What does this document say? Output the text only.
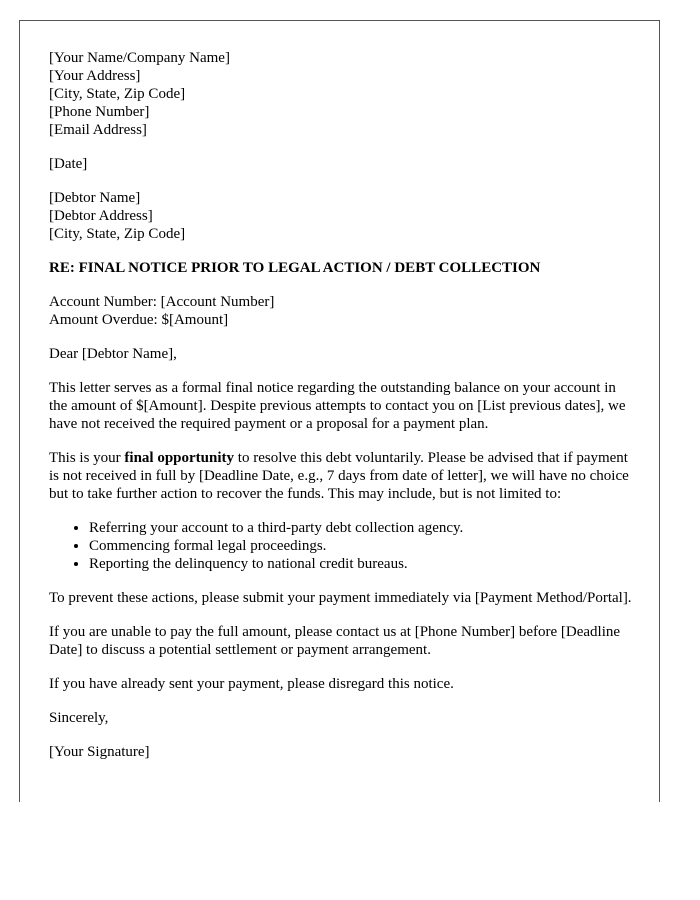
[Your Name/Company Name]
[Your Address]
[City, State, Zip Code]
[Phone Number]
[Email Address]
[Date]
[Debtor Name]
[Debtor Address]
[City, State, Zip Code]
RE: FINAL NOTICE PRIOR TO LEGAL ACTION / DEBT COLLECTION
Account Number: [Account Number]
Amount Overdue: $[Amount]

Dear [Debtor Name],

This letter serves as a formal final notice regarding the outstanding balance on your account in the amount of $[Amount]. Despite previous attempts to contact you on [List previous dates], we have not received the required payment or a proposal for a payment plan.

This is your final opportunity to resolve this debt voluntarily. Please be advised that if payment is not received in full by [Deadline Date, e.g., 7 days from date of letter], we will have no choice but to take further action to recover the funds. This may include, but is not limited to:

• Referring your account to a third-party debt collection agency.
• Commencing formal legal proceedings.
• Reporting the delinquency to national credit bureaus.

To prevent these actions, please submit your payment immediately via [Payment Method/Portal].

If you are unable to pay the full amount, please contact us at [Phone Number] before [Deadline Date] to discuss a potential settlement or payment arrangement.

If you have already sent your payment, please disregard this notice.

Sincerely,

[Your Signature]
